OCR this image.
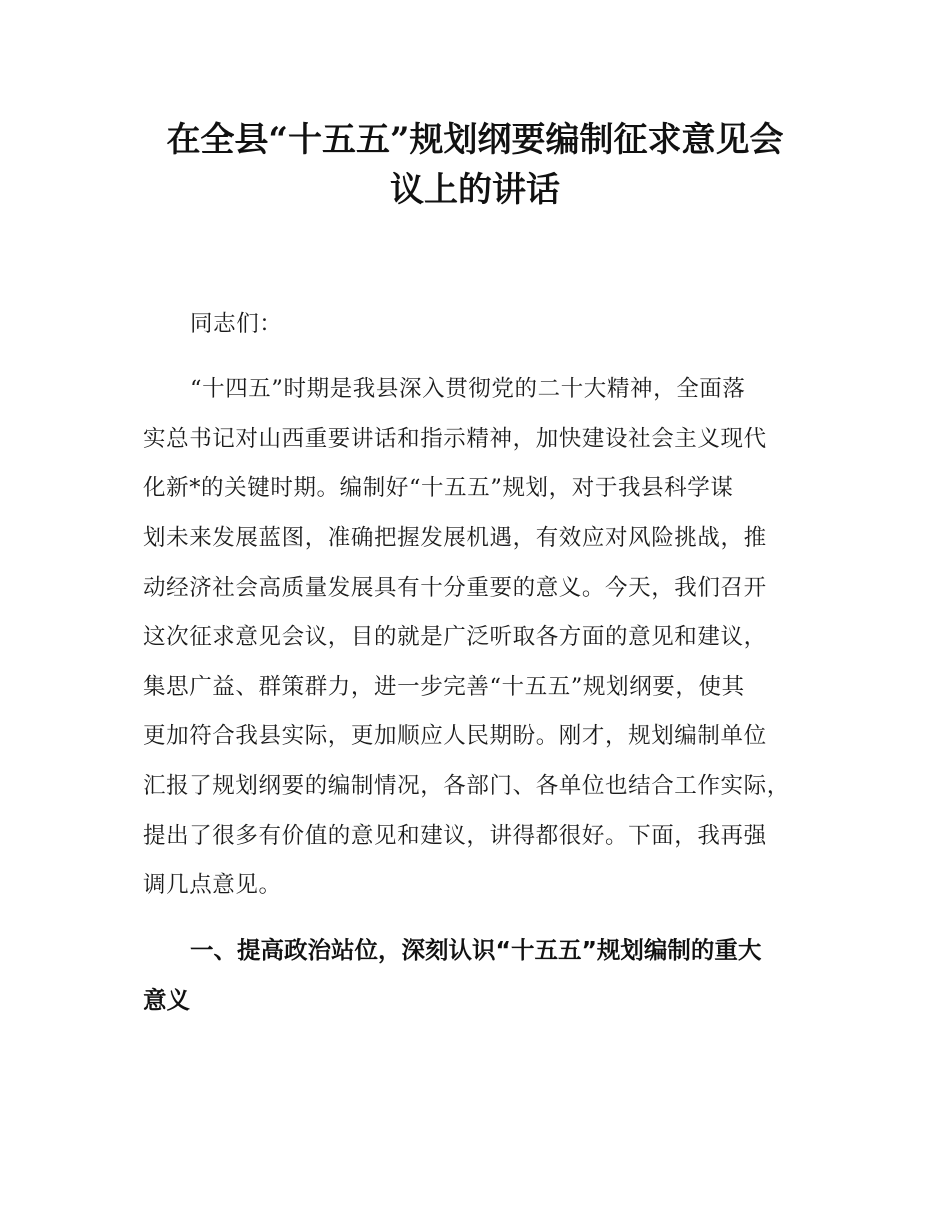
在全县“十五五”规划纲要编制征求意见会
议上的讲话

同志们：

“十四五”时期是我县深入贯彻党的二十大精神，全面落

实总书记对山西重要讲话和指示精神，加快建设社会主义现代

化新*的关键时期。编制好“十五五”规划，对于我县科学谋

划未来发展蓝图，准确把握发展机遇，有效应对风险挑战，推

动经济社会高质量发展具有十分重要的意义。今天，我们召开

这次征求意见会议，目的就是广泛听取各方面的意见和建议，

集思广益、群策群力，进一步完善“十五五”规划纲要，使其

更加符合我县实际，更加顺应人民期盼。刚才，规划编制单位

汇报了规划纲要的编制情况，各部门、各单位也结合工作实际，

提出了很多有价值的意见和建议，讲得都很好。下面，我再强

调几点意见。

一、提高政治站位，深刻认识“十五五”规划编制的重大
意义
